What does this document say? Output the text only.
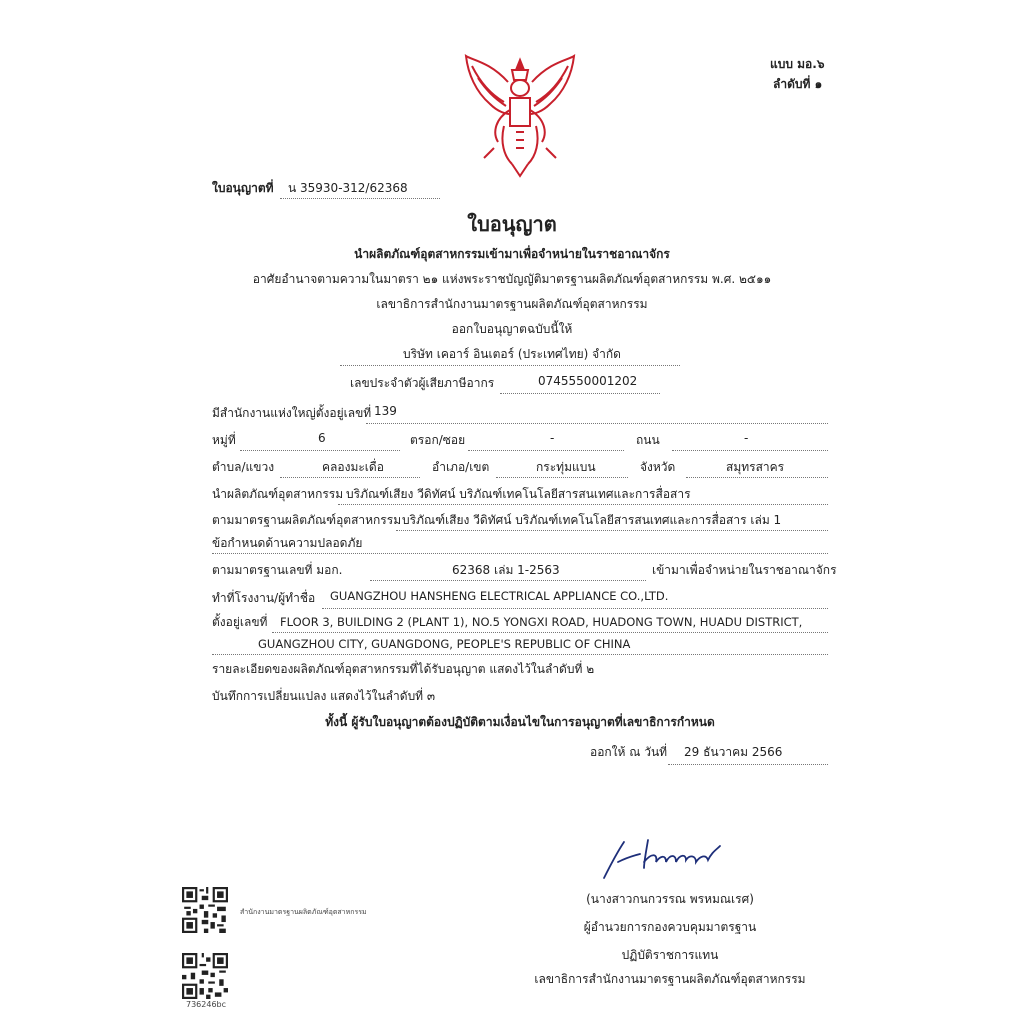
แบบ มอ.๖
ลำดับที่ ๑
ใบอนุญาตที่ น 35930-312/62368
ใบอนุญาต
นำผลิตภัณฑ์อุตสาหกรรมเข้ามาเพื่อจำหน่ายในราชอาณาจักร
อาศัยอำนาจตามความในมาตรา ๒๑ แห่งพระราชบัญญัติมาตรฐานผลิตภัณฑ์อุตสาหกรรม พ.ศ. ๒๕๑๑
เลขาธิการสำนักงานมาตรฐานผลิตภัณฑ์อุตสาหกรรม
ออกใบอนุญาตฉบับนี้ให้
บริษัท เคอาร์ อินเตอร์ (ประเทศไทย) จำกัด
เลขประจำตัวผู้เสียภาษีอากร	0745550001202
มีสำนักงานแห่งใหญ่ตั้งอยู่เลขที่ 139
หมู่ที่	6	ตรอก/ซอย	-	ถนน	-
ตำบล/แขวง	คลองมะเดื่อ	อำเภอ/เขต	กระทุ่มแบน	จังหวัด	สมุทรสาคร
นำผลิตภัณฑ์อุตสาหกรรม บริภัณฑ์เสียง วีดิทัศน์ บริภัณฑ์เทคโนโลยีสารสนเทศและการสื่อสาร
ตามมาตรฐานผลิตภัณฑ์อุตสาหกรรม บริภัณฑ์เสียง วีดิทัศน์ บริภัณฑ์เทคโนโลยีสารสนเทศและการสื่อสาร เล่ม 1
ข้อกำหนดด้านความปลอดภัย
ตามมาตรฐานเลขที่ มอก.	62368 เล่ม 1-2563	เข้ามาเพื่อจำหน่ายในราชอาณาจักร
ทำที่โรงงาน/ผู้ทำชื่อ GUANGZHOU HANSHENG ELECTRICAL APPLIANCE CO.,LTD.
ตั้งอยู่เลขที่ FLOOR 3, BUILDING 2 (PLANT 1), NO.5 YONGXI ROAD, HUADONG TOWN, HUADU DISTRICT,
GUANGZHOU CITY, GUANGDONG, PEOPLE'S REPUBLIC OF CHINA
รายละเอียดของผลิตภัณฑ์อุตสาหกรรมที่ได้รับอนุญาต แสดงไว้ในลำดับที่ ๒
บันทึกการเปลี่ยนแปลง แสดงไว้ในลำดับที่ ๓
ทั้งนี้ ผู้รับใบอนุญาตต้องปฏิบัติตามเงื่อนไขในการอนุญาตที่เลขาธิการกำหนด
ออกให้ ณ วันที่ 29 ธันวาคม 2566
(นางสาวกนกวรรณ พรหมณเรศ)
ผู้อำนวยการกองควบคุมมาตรฐาน
ปฏิบัติราชการแทน
เลขาธิการสำนักงานมาตรฐานผลิตภัณฑ์อุตสาหกรรม
สำนักงานมาตรฐานผลิตภัณฑ์อุตสาหกรรม
736246bc
